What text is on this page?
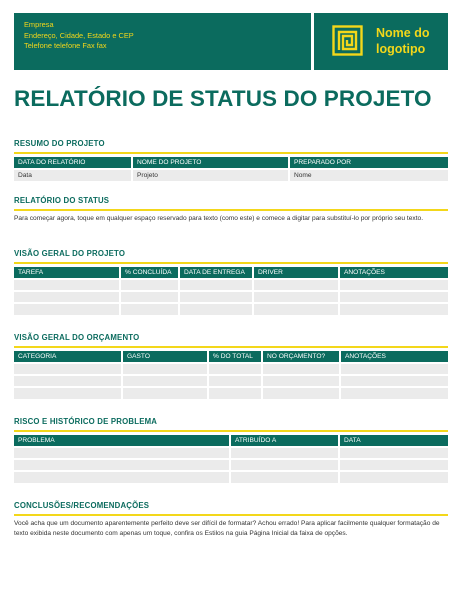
Empresa
Endereço, Cidade, Estado e CEP
Telefone telefone Fax fax
Nome do
logotipo
RELATÓRIO DE STATUS DO PROJETO
RESUMO DO PROJETO
DATA DO RELATÓRIO	NOME DO PROJETO	PREPARADO POR
Data	Projeto	Nome
RELATÓRIO DO STATUS
Para começar agora, toque em qualquer espaço reservado para texto (como este) e comece a digitar para substituí-lo por próprio seu texto.
VISÃO GERAL DO PROJETO
TAREFA	% CONCLUÍDA	DATA DE ENTREGA	DRIVER	ANOTAÇÕES

VISÃO GERAL DO ORÇAMENTO
CATEGORIA	GASTO	% DO TOTAL	NO ORÇAMENTO?	ANOTAÇÕES

RISCO E HISTÓRICO DE PROBLEMA
PROBLEMA	ATRIBUÍDO A	DATA

CONCLUSÕES/RECOMENDAÇÕES
Você acha que um documento aparentemente perfeito deve ser difícil de formatar? Achou errado! Para aplicar facilmente qualquer formatação de texto exibida neste documento com apenas um toque, confira os Estilos na guia Página Inicial da faixa de opções.
